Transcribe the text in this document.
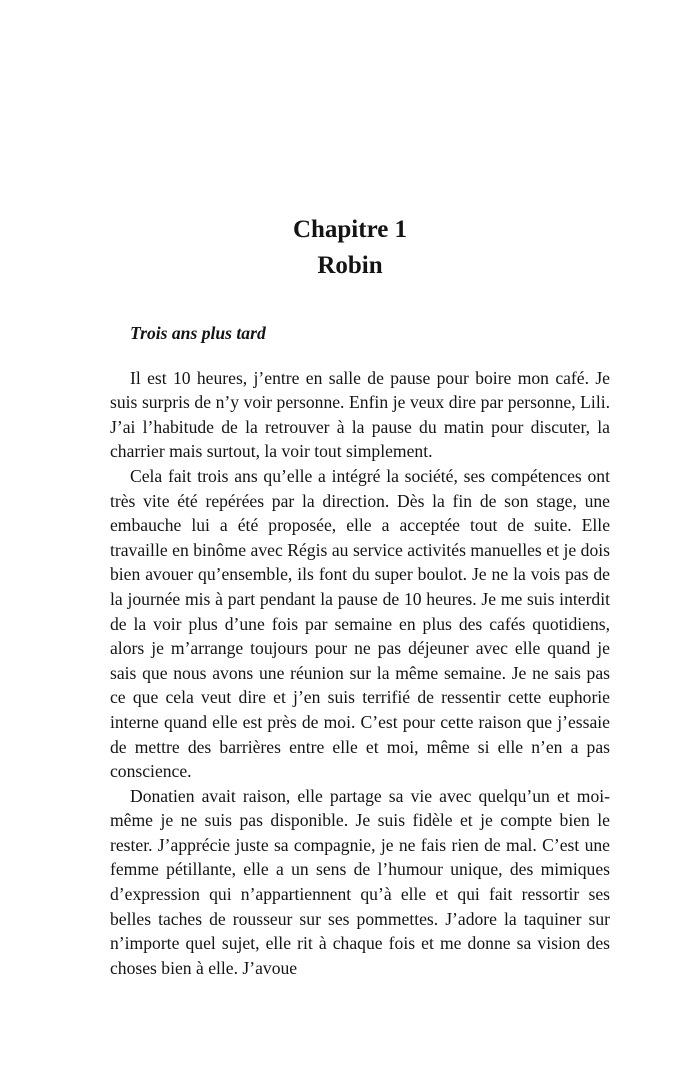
Chapitre 1
Robin
Trois ans plus tard

Il est 10 heures, j’entre en salle de pause pour boire mon café. Je suis surpris de n’y voir personne. Enfin je veux dire par personne, Lili. J’ai l’habitude de la retrouver à la pause du matin pour discuter, la charrier mais surtout, la voir tout simplement.

Cela fait trois ans qu’elle a intégré la société, ses compétences ont très vite été repérées par la direction. Dès la fin de son stage, une embauche lui a été proposée, elle a acceptée tout de suite. Elle travaille en binôme avec Régis au service activités manuelles et je dois bien avouer qu’ensemble, ils font du super boulot. Je ne la vois pas de la journée mis à part pendant la pause de 10 heures. Je me suis interdit de la voir plus d’une fois par semaine en plus des cafés quotidiens, alors je m’arrange toujours pour ne pas déjeuner avec elle quand je sais que nous avons une réunion sur la même semaine. Je ne sais pas ce que cela veut dire et j’en suis terrifié de ressentir cette euphorie interne quand elle est près de moi. C’est pour cette raison que j’essaie de mettre des barrières entre elle et moi, même si elle n’en a pas conscience.

Donatien avait raison, elle partage sa vie avec quelqu’un et moi-même je ne suis pas disponible. Je suis fidèle et je compte bien le rester. J’apprécie juste sa compagnie, je ne fais rien de mal. C’est une femme pétillante, elle a un sens de l’humour unique, des mimiques d’expression qui n’appartiennent qu’à elle et qui fait ressortir ses belles taches de rousseur sur ses pommettes. J’adore la taquiner sur n’importe quel sujet, elle rit à chaque fois et me donne sa vision des choses bien à elle. J’avoue
